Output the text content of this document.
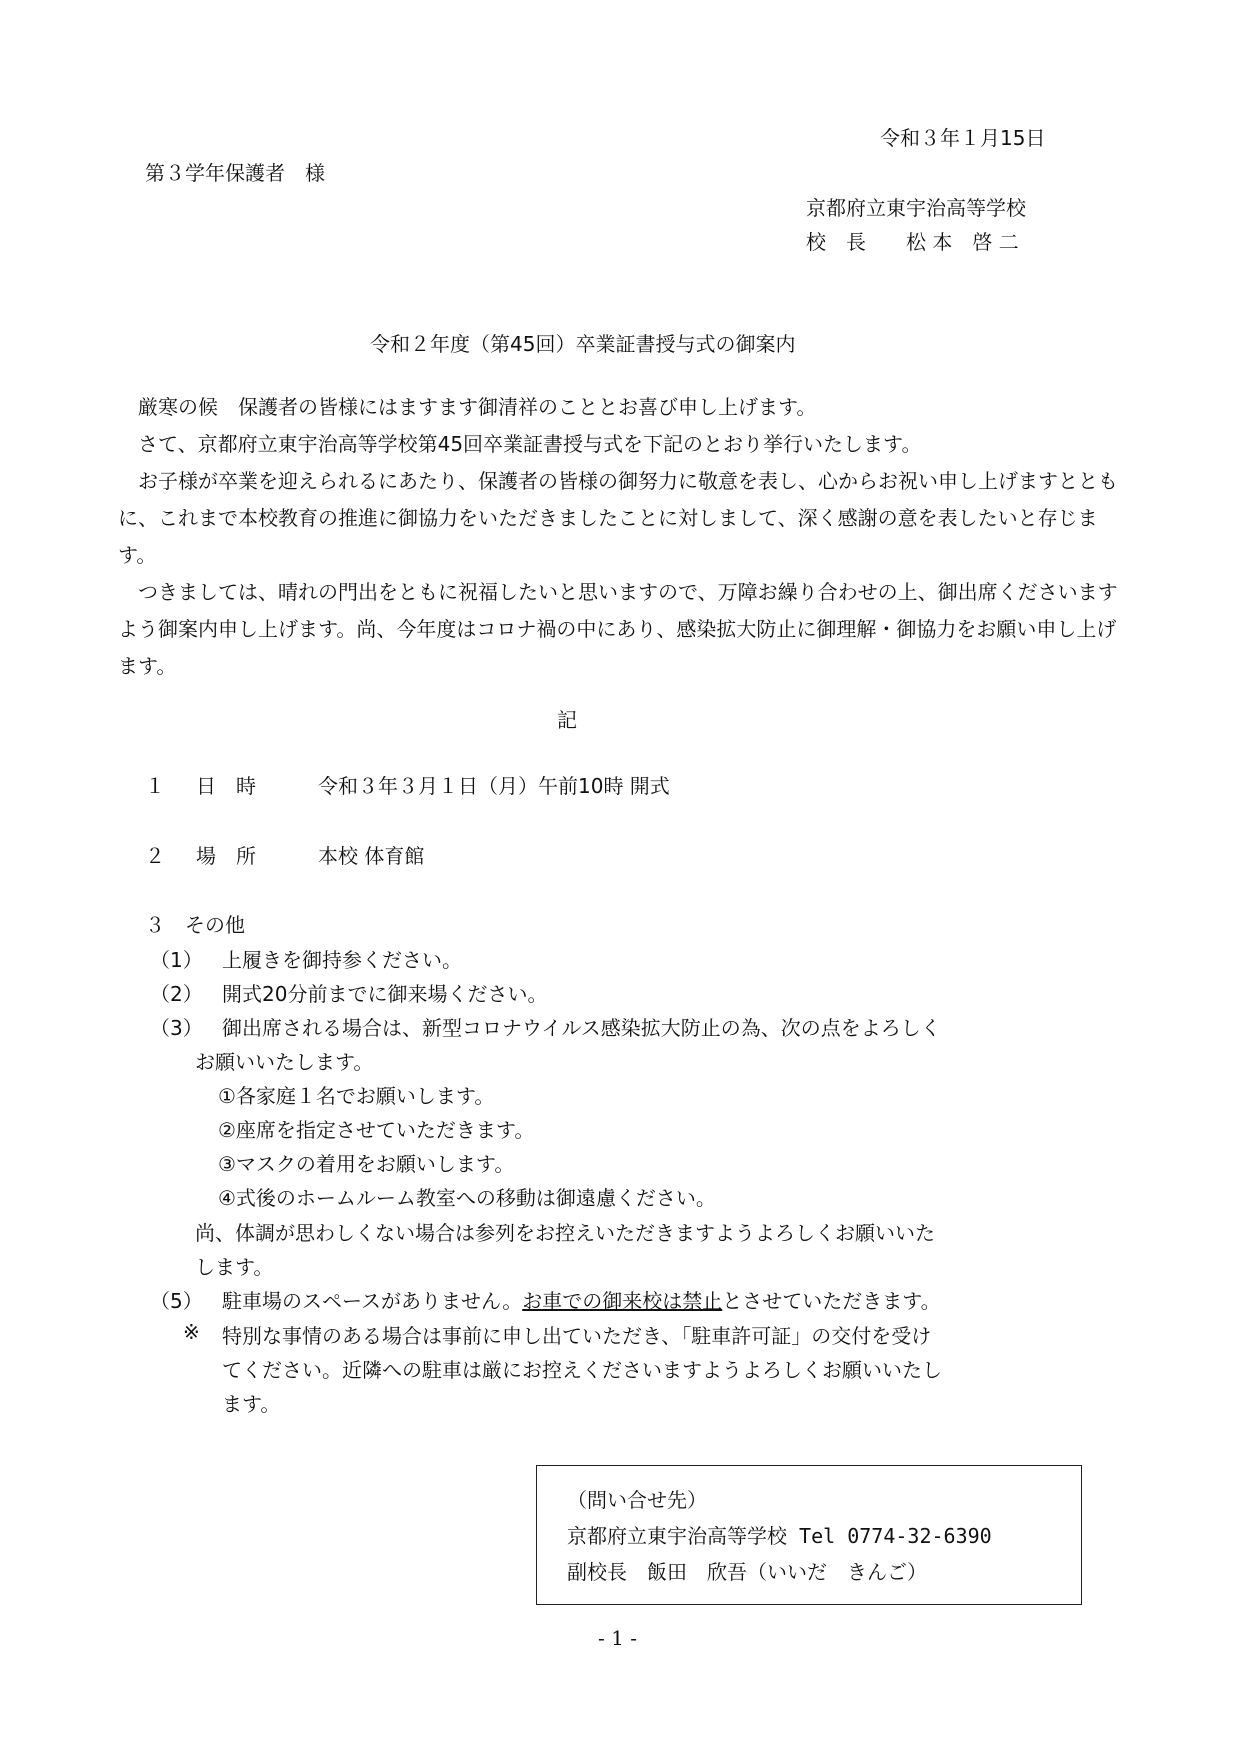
令和３年１月15日
第３学年保護者　様
京都府立東宇治高等学校
校　長　　松 本　啓 二
令和２年度（第45回）卒業証書授与式の御案内

　厳寒の候　保護者の皆様にはますます御清祥のこととお喜び申し上げます。

　さて、京都府立東宇治高等学校第45回卒業証書授与式を下記のとおり挙行いたします。

　お子様が卒業を迎えられるにあたり、保護者の皆様の御努力に敬意を表し、心からお祝い申し上げますとともに、これまで本校教育の推進に御協力をいただきましたことに対しまして、深く感謝の意を表したいと存じます。

　つきましては、晴れの門出をともに祝福したいと思いますので、万障お繰り合わせの上、御出席くださいますよう御案内申し上げます。尚、今年度はコロナ禍の中にあり、感染拡大防止に御理解・御協力をお願い申し上げます。

記
１ 日　時	令和３年３月１日（月）午前10時 開式
２ 場　所	本校 体育館
３　その他
（1） 上履きを御持参ください。
（2） 開式20分前までに御来場ください。
（3） 御出席される場合は、新型コロナウイルス感染拡大防止の為、次の点をよろしく
お願いいたします。
①各家庭１名でお願いします。
②座席を指定させていただきます。
③マスクの着用をお願いします。
④式後のホームルーム教室への移動は御遠慮ください。
尚、体調が思わしくない場合は参列をお控えいただきますようよろしくお願いいた
します。
（5） 駐車場のスペースがありません。お車での御来校は禁止とさせていただきます。
※ 特別な事情のある場合は事前に申し出ていただき、「駐車許可証」の交付を受け
てください。近隣への駐車は厳にお控えくださいますようよろしくお願いいたし
ます。
（問い合せ先）
京都府立東宇治高等学校 Tel 0774-32-6390
副校長　飯田　欣吾（いいだ　きんご）
- 1 -
